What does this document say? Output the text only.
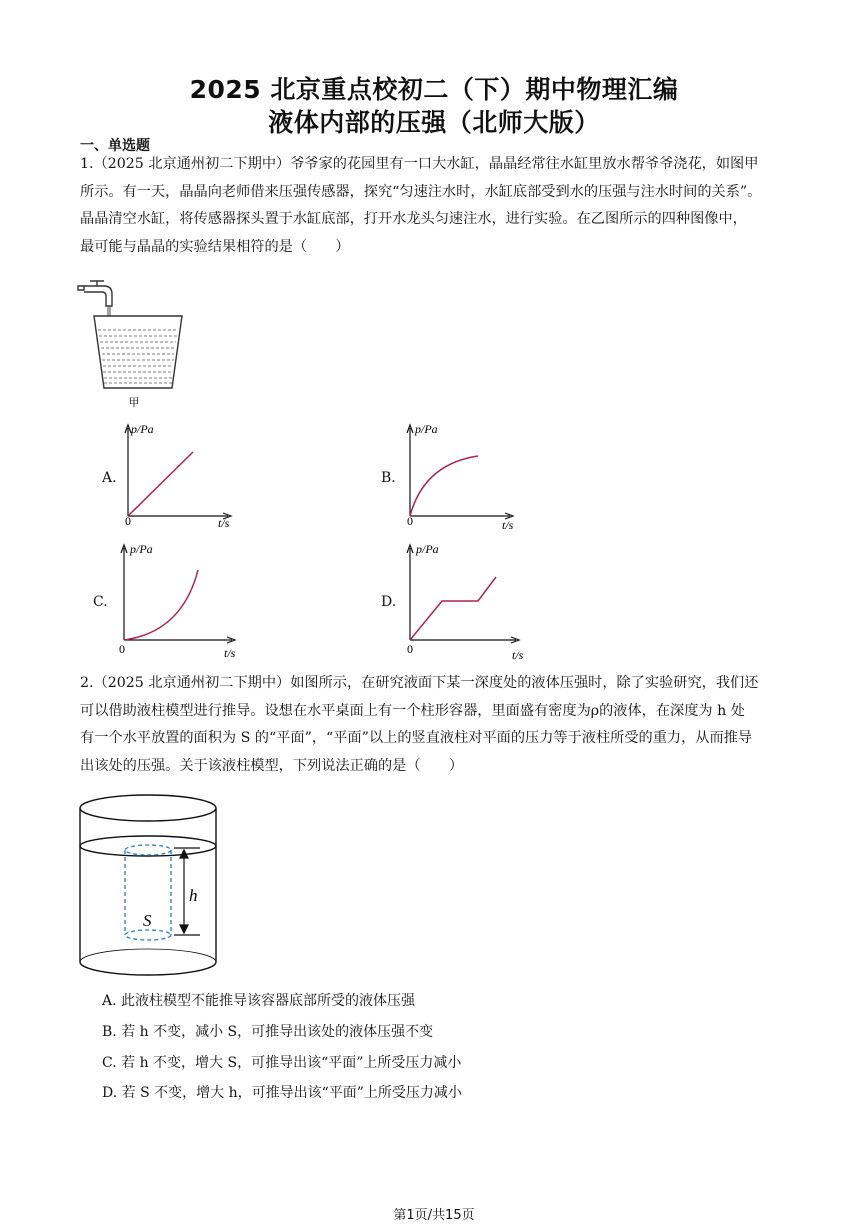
2025 北京重点校初二（下）期中物理汇编
液体内部的压强（北师大版）
一、单选题
1.（2025 北京通州初二下期中）爷爷家的花园里有一口大水缸，晶晶经常往水缸里放水帮爷爷浇花，如图甲
所示。有一天，晶晶向老师借来压强传感器，探究“匀速注水时，水缸底部受到水的压强与注水时间的关系”。
晶晶清空水缸，将传感器探头置于水缸底部，打开水龙头匀速注水，进行实验。在乙图所示的四种图像中，
最可能与晶晶的实验结果相符的是（　　）
甲
A.
p/Pa
t/s
0
B.
p/Pa
t/s
0
C.
p/Pa
t/s
0
D.
p/Pa
t/s
0
2.（2025 北京通州初二下期中）如图所示，在研究液面下某一深度处的液体压强时，除了实验研究，我们还
可以借助液柱模型进行推导。设想在水平桌面上有一个柱形容器，里面盛有密度为ρ的液体，在深度为 h 处
有一个水平放置的面积为 S 的“平面”，“平面”以上的竖直液柱对平面的压力等于液柱所受的重力，从而推导
出该处的压强。关于该液柱模型，下列说法正确的是（　　）
h
S
A. 此液柱模型不能推导该容器底部所受的液体压强
B. 若 h 不变，减小 S，可推导出该处的液体压强不变
C. 若 h 不变，增大 S，可推导出该“平面”上所受压力减小
D. 若 S 不变，增大 h，可推导出该“平面”上所受压力减小
第1页/共15页
